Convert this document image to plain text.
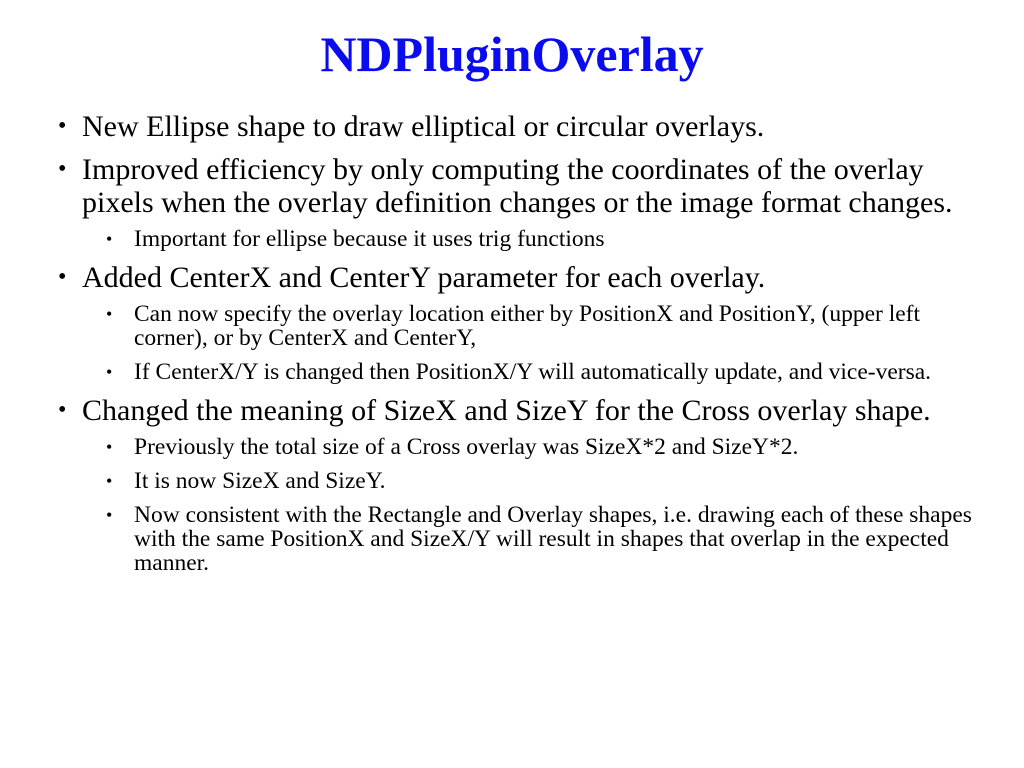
NDPluginOverlay
• New Ellipse shape to draw elliptical or circular overlays.
• Improved efficiency by only computing the coordinates of the overlay pixels when the overlay definition changes or the image format changes.
• Important for ellipse because it uses trig functions
• Added CenterX and CenterY parameter for each overlay.
• Can now specify the overlay location either by PositionX and PositionY, (upper left corner), or by CenterX and CenterY,
• If CenterX/Y is changed then PositionX/Y will automatically update, and vice-versa.
• Changed the meaning of SizeX and SizeY for the Cross overlay shape.
• Previously the total size of a Cross overlay was SizeX*2 and SizeY*2.
• It is now SizeX and SizeY.
• Now consistent with the Rectangle and Overlay shapes, i.e. drawing each of these shapes with the same PositionX and SizeX/Y will result in shapes that overlap in the expected manner.
